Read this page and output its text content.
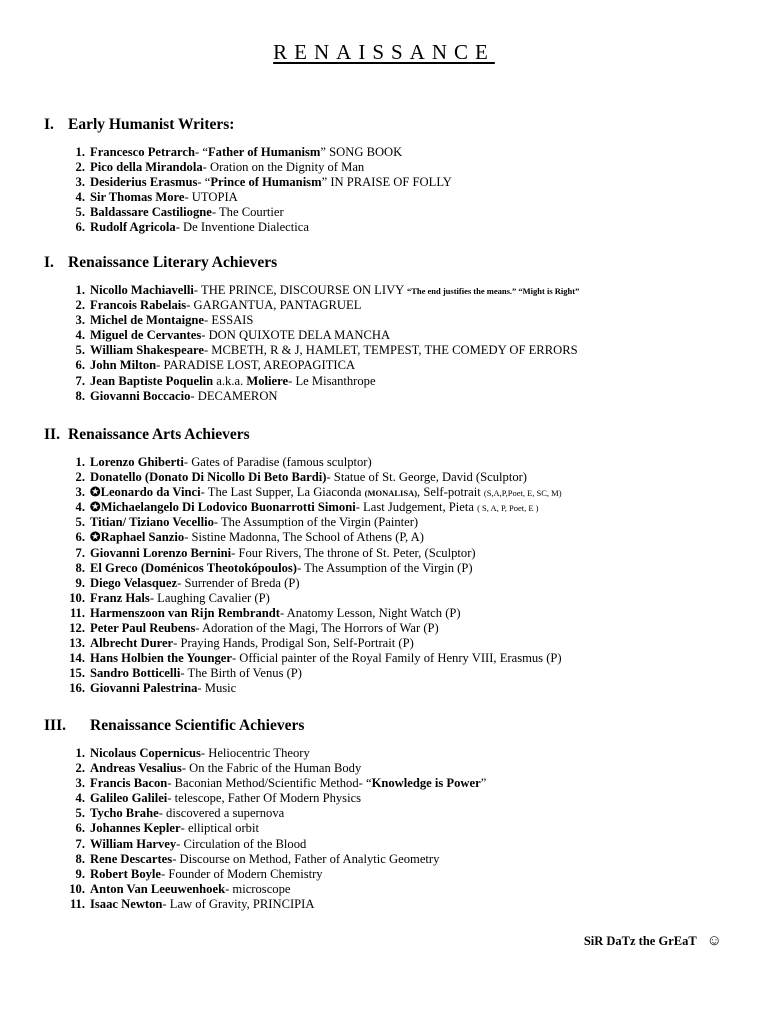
RENAISSANCE
I. Early Humanist Writers:
1. Francesco Petrarch- “Father of Humanism” SONG BOOK
2. Pico della Mirandola- Oration on the Dignity of Man
3. Desiderius Erasmus- “Prince of Humanism” IN PRAISE OF FOLLY
4. Sir Thomas More- UTOPIA
5. Baldassare Castiliogne- The Courtier
6. Rudolf Agricola- De Inventione Dialectica
I. Renaissance Literary Achievers
1. Nicollo Machiavelli- THE PRINCE, DISCOURSE ON LIVY “The end justifies the means.” “Might is Right”
2. Francois Rabelais- GARGANTUA, PANTAGRUEL
3. Michel de Montaigne- ESSAIS
4. Miguel de Cervantes- DON QUIXOTE DELA MANCHA
5. William Shakespeare- MCBETH, R & J, HAMLET, TEMPEST, THE COMEDY OF ERRORS
6. John Milton- PARADISE LOST, AREOPAGITICA
7. Jean Baptiste Poquelin a.k.a. Moliere- Le Misanthrope
8. Giovanni Boccacio- DECAMERON
II. Renaissance Arts Achievers
1. Lorenzo Ghiberti- Gates of Paradise (famous sculptor)
2. Donatello (Donato Di Nicollo Di Beto Bardi)- Statue of St. George, David (Sculptor)
3. ✪Leonardo da Vinci- The Last Supper, La Giaconda (MONALISA), Self-potrait (S,A,P,Poet, E, SC, M)
4. ✪Michaelangelo Di Lodovico Buonarrotti Simoni- Last Judgement, Pieta ( S, A, P, Poet, E )
5. Titian/ Tiziano Vecellio- The Assumption of the Virgin (Painter)
6. ✪Raphael Sanzio- Sistine Madonna, The School of Athens (P, A)
7. Giovanni Lorenzo Bernini- Four Rivers, The throne of St. Peter, (Sculptor)
8. El Greco (Doménicos Theotokópoulos)- The Assumption of the Virgin (P)
9. Diego Velasquez- Surrender of Breda (P)
10. Franz Hals- Laughing Cavalier (P)
11. Harmenszoon van Rijn Rembrandt- Anatomy Lesson, Night Watch (P)
12. Peter Paul Reubens- Adoration of the Magi, The Horrors of War (P)
13. Albrecht Durer- Praying Hands, Prodigal Son, Self-Portrait (P)
14. Hans Holbien the Younger- Official painter of the Royal Family of Henry VIII, Erasmus (P)
15. Sandro Botticelli- The Birth of Venus (P)
16. Giovanni Palestrina- Music
III. Renaissance Scientific Achievers
1. Nicolaus Copernicus- Heliocentric Theory
2. Andreas Vesalius- On the Fabric of the Human Body
3. Francis Bacon- Baconian Method/Scientific Method- “Knowledge is Power”
4. Galileo Galilei- telescope, Father Of Modern Physics
5. Tycho Brahe- discovered a supernova
6. Johannes Kepler- elliptical orbit
7. William Harvey- Circulation of the Blood
8. Rene Descartes- Discourse on Method, Father of Analytic Geometry
9. Robert Boyle- Founder of Modern Chemistry
10. Anton Van Leeuwenhoek- microscope
11. Isaac Newton- Law of Gravity, PRINCIPIA
SiR DaTz the GrEaT ☺
